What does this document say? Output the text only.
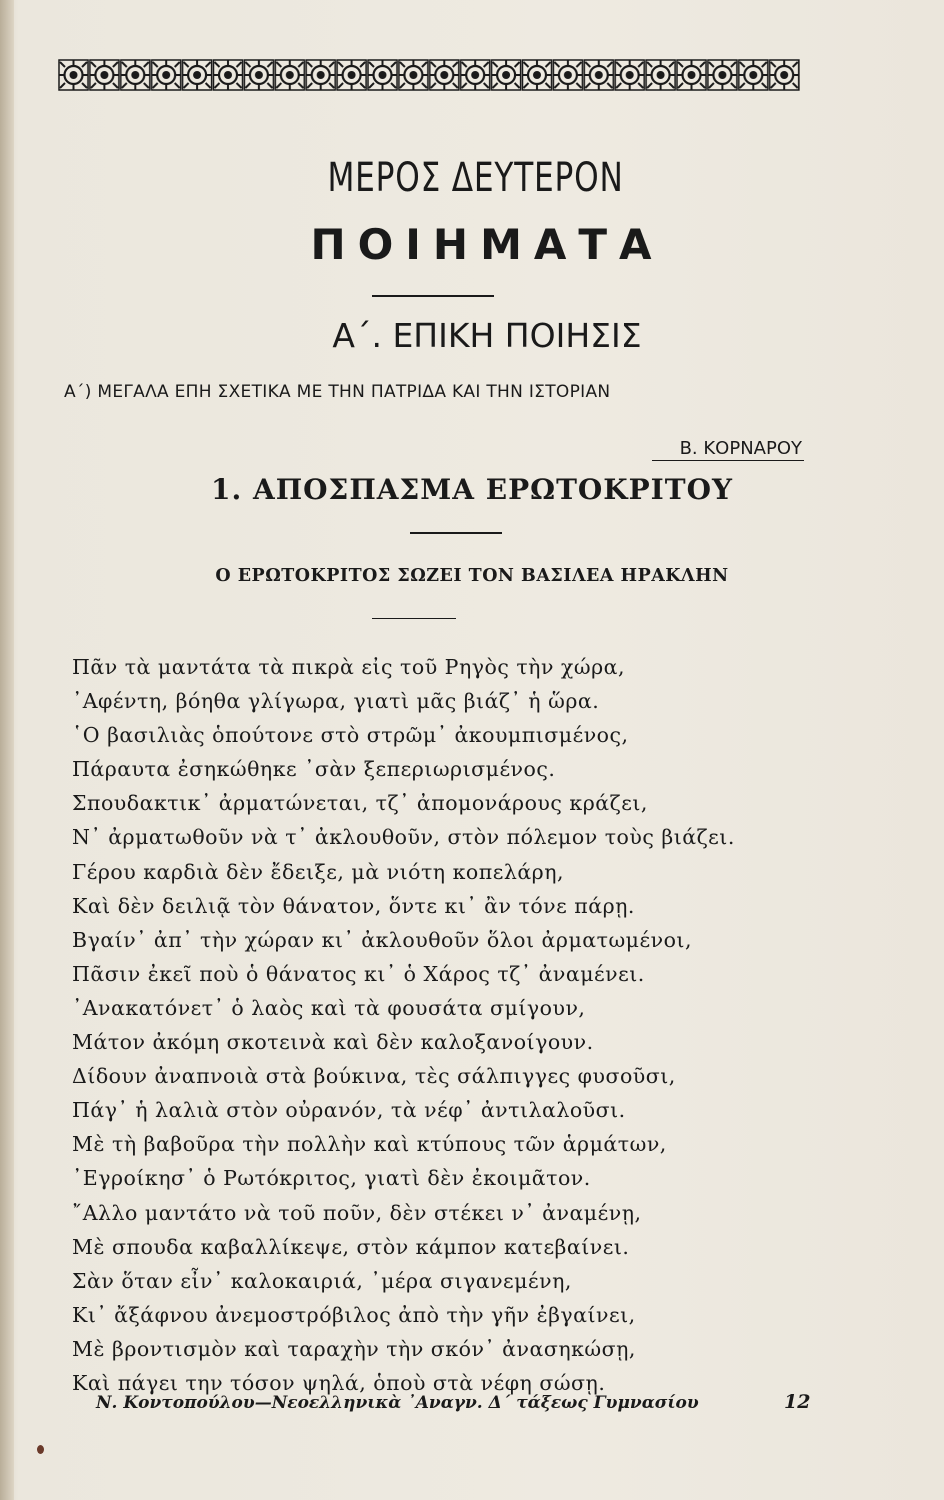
ΜΕΡΟΣ ΔΕΥΤΕΡΟΝ
ΠΟΙΗΜΑΤΑ
Α΄. ΕΠΙΚΗ ΠΟΙΗΣΙΣ
Α΄) ΜΕΓΑΛΑ ΕΠΗ ΣΧΕΤΙΚΑ ΜΕ ΤΗΝ ΠΑΤΡΙΔΑ ΚΑΙ ΤΗΝ ΙΣΤΟΡΙΑΝ
Β. ΚΟΡΝΑΡΟΥ
1. ΑΠΟΣΠΑΣΜΑ ΕΡΩΤΟΚΡΙΤΟΥ
Ο ΕΡΩΤΟΚΡΙΤΟΣ ΣΩΖΕΙ ΤΟΝ ΒΑΣΙΛΕΑ ΗΡΑΚΛΗΝ
Πᾶν τὰ μαντάτα τὰ πικρὰ εἰς τοῦ Ρηγὸς τὴν χώρα,
᾿Αφέντη, βόηθα γλίγωρα, γιατὶ μᾶς βιάζ᾿ ἡ ὥρα.
῾Ο βασιλιὰς ὁπούτονε στὸ στρῶμ᾿ ἀκουμπισμένος,
Πάραυτα ἐσηκώθηκε ᾿σὰν ξεπεριωρισμένος.
Σπουδακτικ᾿ ἀρματώνεται, τζ᾿ ἀπομονάρους κράζει,
Ν᾿ ἀρματωθοῦν νὰ τ᾿ ἀκλουθοῦν, στὸν πόλεμον τοὺς βιάζει.
Γέρου καρδιὰ δὲν ἔδειξε, μὰ νιότη κοπελάρη,
Καὶ δὲν δειλιᾷ τὸν θάνατον, ὅντε κι᾿ ἂν τόνε πάρῃ.
Βγαίν᾿ ἀπ᾿ τὴν χώραν κι᾿ ἀκλουθοῦν ὅλοι ἀρματωμένοι,
Πᾶσιν ἐκεῖ ποὺ ὁ θάνατος κι᾿ ὁ Χάρος τζ᾿ ἀναμένει.
᾿Ανακατόνετ᾿ ὁ λαὸς καὶ τὰ φουσάτα σμίγουν,
Μάτον ἀκόμη σκοτεινὰ καὶ δὲν καλοξανοίγουν.
Δίδουν ἀναπνοιὰ στὰ βούκινα, τὲς σάλπιγγες φυσοῦσι,
Πάγ᾿ ἡ λαλιὰ στὸν οὐρανόν, τὰ νέφ᾿ ἀντιλαλοῦσι.
Μὲ τὴ βαβοῦρα τὴν πολλὴν καὶ κτύπους τῶν ἁρμάτων,
᾿Εγροίκησ᾿ ὁ Ρωτόκριτος, γιατὶ δὲν ἐκοιμᾶτον.
῎Αλλο μαντάτο νὰ τοῦ ποῦν, δὲν στέκει ν᾿ ἀναμένῃ,
Μὲ σπουδα καβαλλίκεψε, στὸν κάμπον κατεβαίνει.
Σὰν ὅταν εἶν᾿ καλοκαιριά, ᾿μέρα σιγανεμένη,
Κι᾿ ἄξάφνου ἀνεμοστρόβιλος ἀπὸ τὴν γῆν ἐβγαίνει,
Μὲ βροντισμὸν καὶ ταραχὴν τὴν σκόν᾿ ἀνασηκώσῃ,
Καὶ πάγει την τόσον ψηλά, ὁποὺ στὰ νέφη σώσῃ.
Ν. Κοντοπούλου—Νεοελληνικὰ ᾿Αναγν. Δ΄ τάξεως Γυμνασίου	12
